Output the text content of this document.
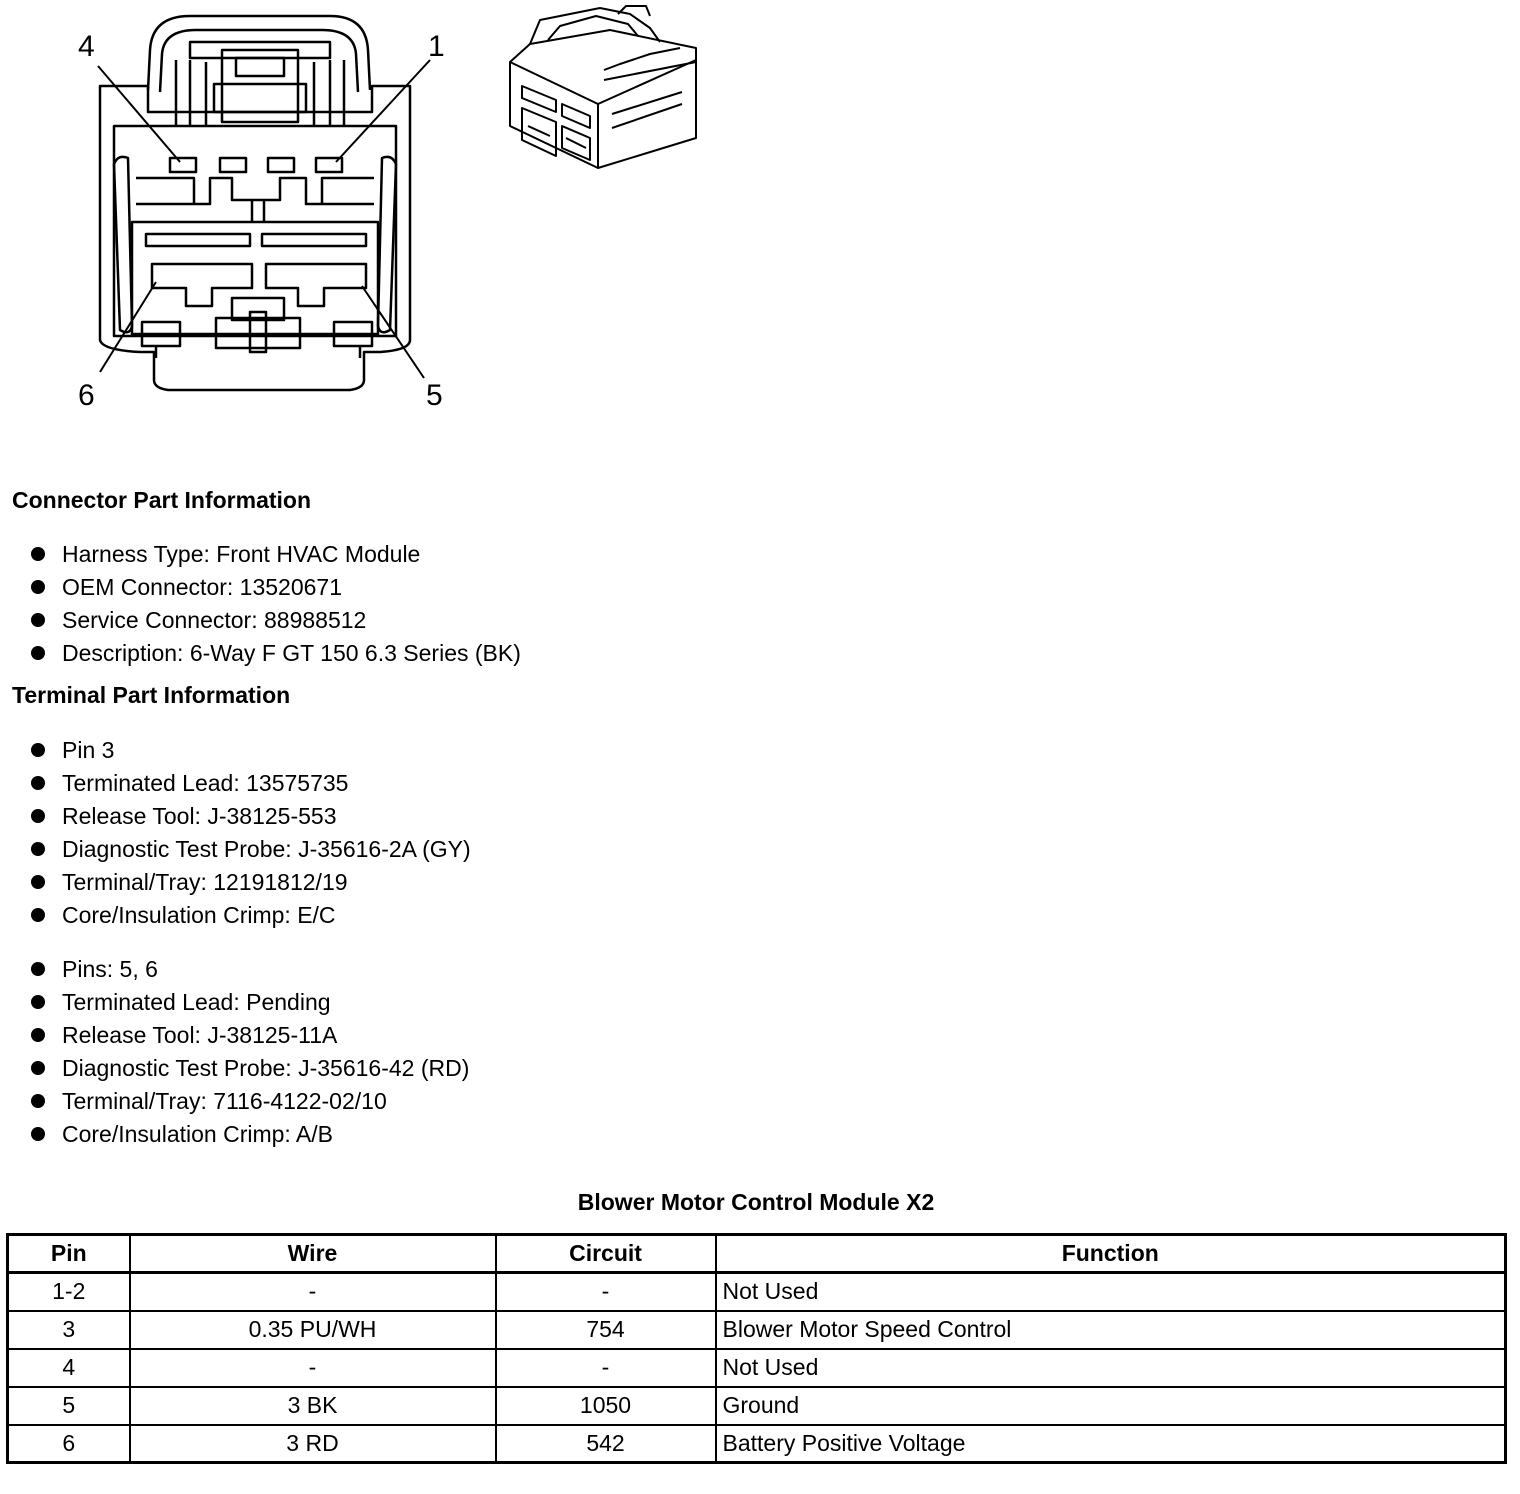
4	1
6	5
Connector Part Information
Harness Type: Front HVAC Module
OEM Connector: 13520671
Service Connector: 88988512
Description: 6-Way F GT 150 6.3 Series (BK)
Terminal Part Information
Pin 3
Terminated Lead: 13575735
Release Tool: J-38125-553
Diagnostic Test Probe: J-35616-2A (GY)
Terminal/Tray: 12191812/19
Core/Insulation Crimp: E/C
Pins: 5, 6
Terminated Lead: Pending
Release Tool: J-38125-11A
Diagnostic Test Probe: J-35616-42 (RD)
Terminal/Tray: 7116-4122-02/10
Core/Insulation Crimp: A/B
Blower Motor Control Module X2
Pin	Wire	Circuit	Function
1-2	-	-	Not Used
3	0.35 PU/WH	754	Blower Motor Speed Control
4	-	-	Not Used
5	3 BK	1050	Ground
6	3 RD	542	Battery Positive Voltage
